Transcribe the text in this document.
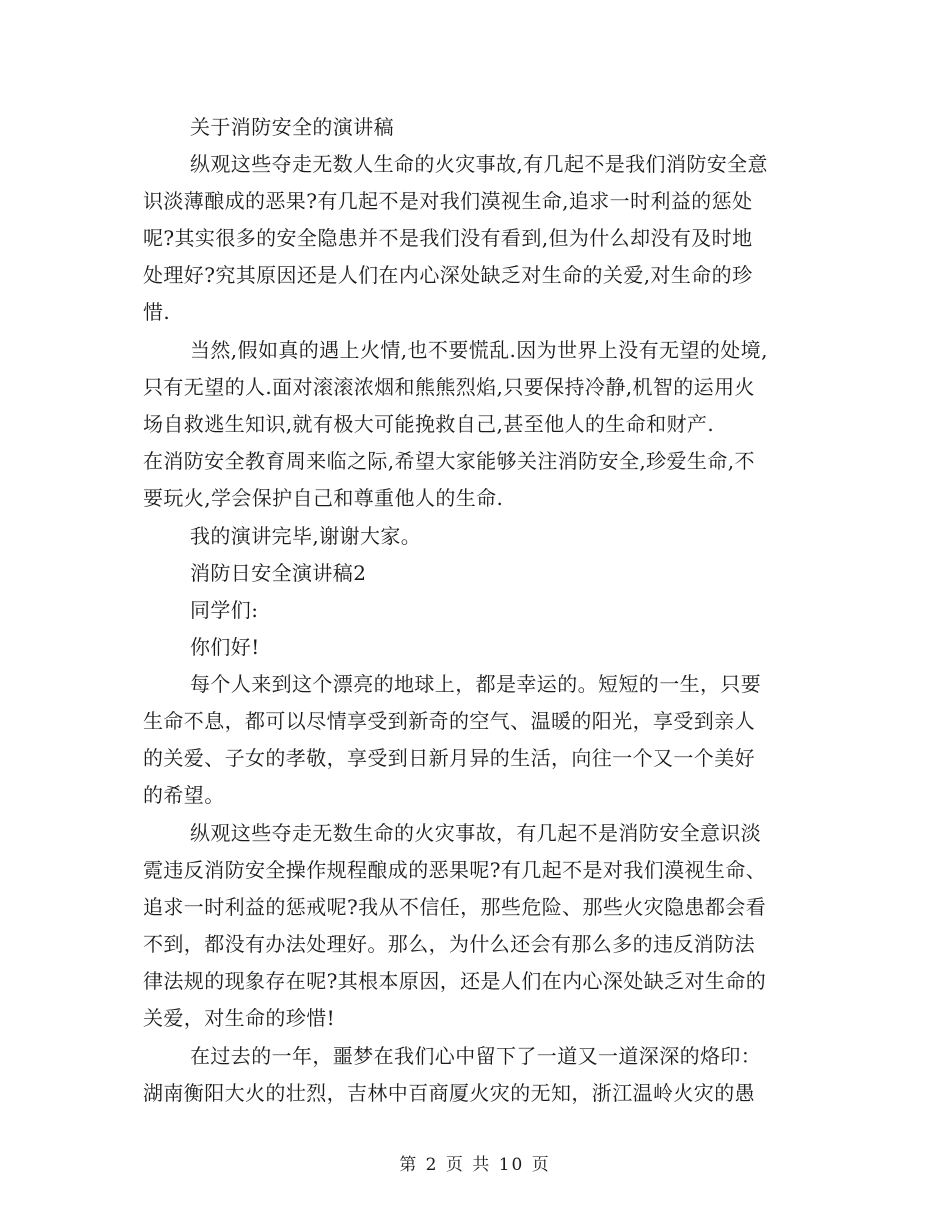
关于消防安全的演讲稿
纵观这些夺走无数人生命的火灾事故,有几起不是我们消防安全意
识淡薄酿成的恶果?有几起不是对我们漠视生命,追求一时利益的惩处
呢?其实很多的安全隐患并不是我们没有看到,但为什么却没有及时地
处理好?究其原因还是人们在内心深处缺乏对生命的关爱,对生命的珍
惜.
当然,假如真的遇上火情,也不要慌乱.因为世界上没有无望的处境,
只有无望的人.面对滚滚浓烟和熊熊烈焰,只要保持冷静,机智的运用火
场自救逃生知识,就有极大可能挽救自己,甚至他人的生命和财产.
在消防安全教育周来临之际,希望大家能够关注消防安全,珍爱生命,不
要玩火,学会保护自己和尊重他人的生命.
我的演讲完毕,谢谢大家。
消防日安全演讲稿2
同学们:
你们好!
每个人来到这个漂亮的地球上，都是幸运的。短短的一生，只要
生命不息，都可以尽情享受到新奇的空气、温暖的阳光，享受到亲人
的关爱、子女的孝敬，享受到日新月异的生活，向往一个又一个美好
的希望。
纵观这些夺走无数生命的火灾事故，有几起不是消防安全意识淡
霓违反消防安全操作规程酿成的恶果呢?有几起不是对我们漠视生命、
追求一时利益的惩戒呢?我从不信任，那些危险、那些火灾隐患都会看
不到，都没有办法处理好。那么，为什么还会有那么多的违反消防法
律法规的现象存在呢?其根本原因，还是人们在内心深处缺乏对生命的
关爱，对生命的珍惜!
在过去的一年，噩梦在我们心中留下了一道又一道深深的烙印：
湖南衡阳大火的壮烈，吉林中百商厦火灾的无知，浙江温岭火灾的愚
第 2 页 共 10 页
